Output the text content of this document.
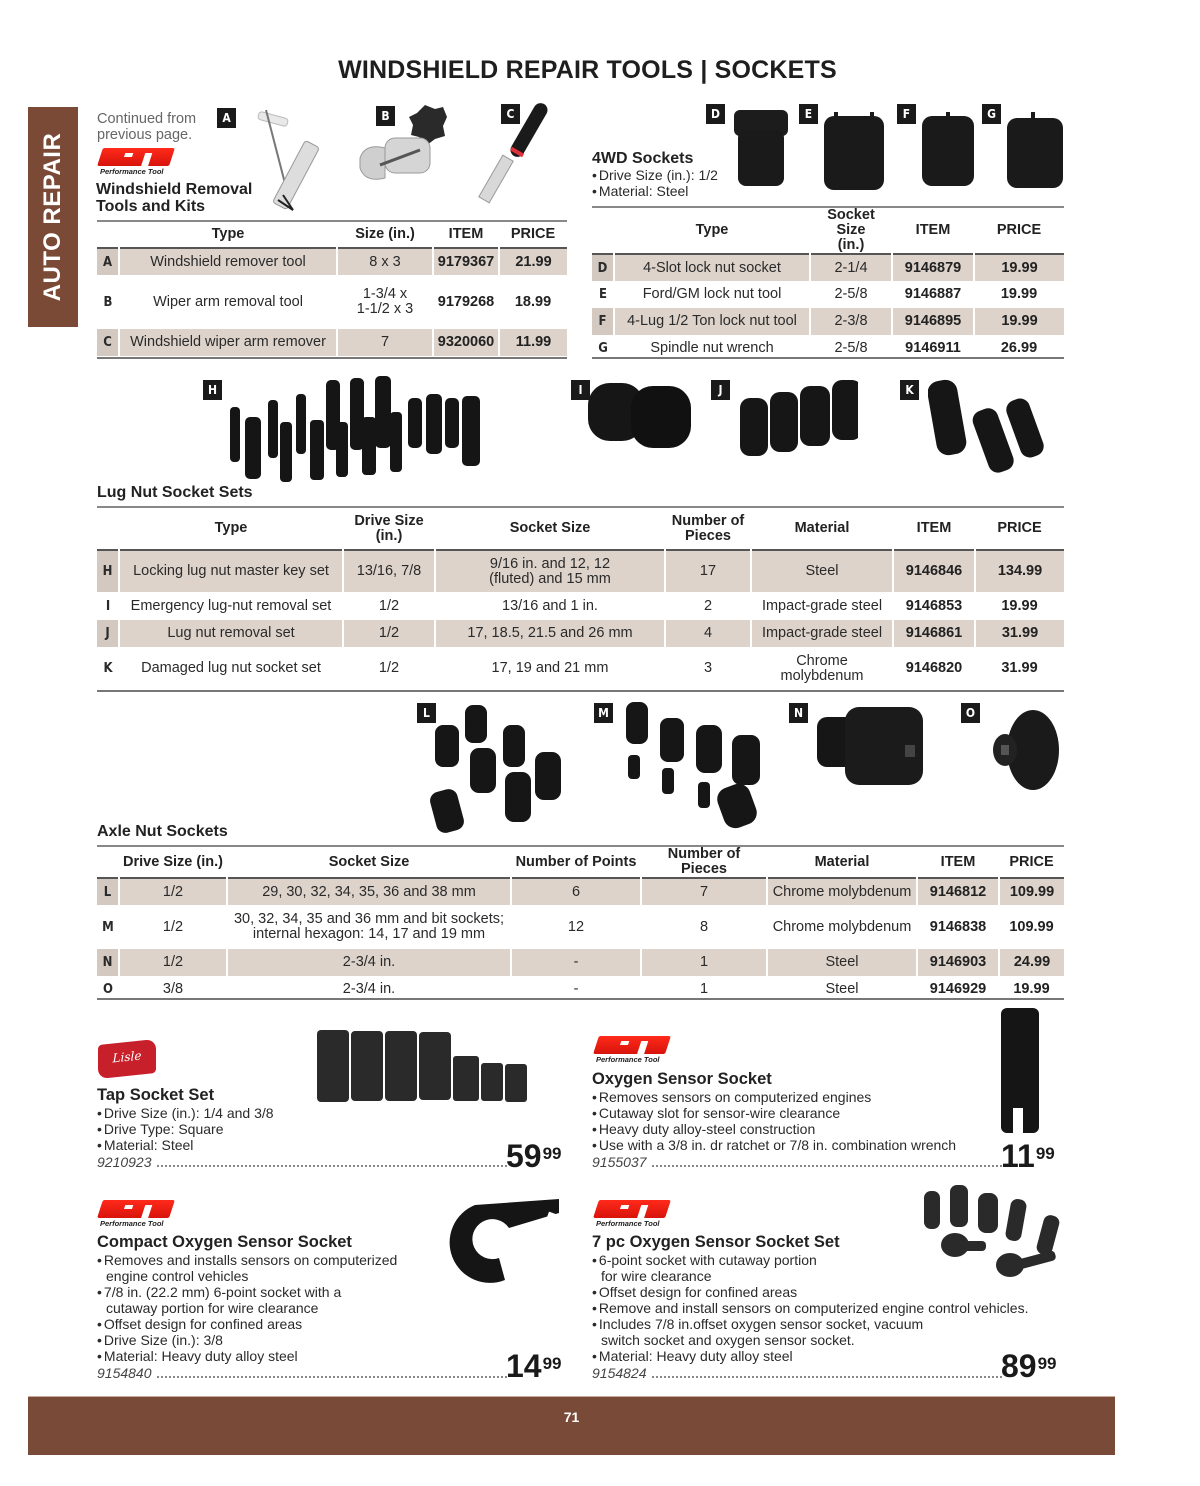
WINDSHIELD REPAIR TOOLS | SOCKETS
AUTO REPAIR
Continued from
previous page.
Performance Tool
Windshield Removal
Tools and Kits
A	B	C
	Type	Size (in.)	ITEM	PRICE
A	Windshield remover tool	8 x 3	9179367	21.99
B	Wiper arm removal tool	1-3/4 x
1-1/2 x 3	9179268	18.99
C	Windshield wiper arm remover	7	9320060	11.99
4WD Sockets
• Drive Size (in.): 1/2
• Material: Steel
D	E	F	G
	Type	Socket Size
(in.)	ITEM	PRICE
D	4-Slot lock nut socket	2-1/4	9146879	19.99
E	Ford/GM lock nut tool	2-5/8	9146887	19.99
F	4-Lug 1/2 Ton lock nut tool	2-3/8	9146895	19.99
G	Spindle nut wrench	2-5/8	9146911	26.99
H	I	J	K
Lug Nut Socket Sets
	Type	Drive Size
(in.)	Socket Size	Number of
Pieces	Material	ITEM	PRICE
H	Locking lug nut master key set	13/16, 7/8	9/16 in. and 12, 12
(fluted) and 15 mm	17	Steel	9146846	134.99
I	Emergency lug-nut removal set	1/2	13/16 and 1 in.	2	Impact-grade steel	9146853	19.99
J	Lug nut removal set	1/2	17, 18.5, 21.5 and 26 mm	4	Impact-grade steel	9146861	31.99
K	Damaged lug nut socket set	1/2	17, 19 and 21 mm	3	Chrome
molybdenum	9146820	31.99
L	M	N	O
Axle Nut Sockets
	Drive Size (in.)	Socket Size	Number of Points	Number of Pieces	Material	ITEM	PRICE
L	1/2	29, 30, 32, 34, 35, 36 and 38 mm	6	7	Chrome molybdenum	9146812	109.99
M	1/2	30, 32, 34, 35 and 36 mm and bit sockets;
internal hexagon: 14, 17 and 19 mm	12	8	Chrome molybdenum	9146838	109.99
N	1/2	2-3/4 in.	-	1	Steel	9146903	24.99
O	3/8	2-3/4 in.	-	1	Steel	9146929	19.99
Lisle
Tap Socket Set
• Drive Size (in.): 1/4 and 3/8
• Drive Type: Square
• Material: Steel
9210923	$59^{99}$
Performance Tool
Oxygen Sensor Socket
• Removes sensors on computerized engines
• Cutaway slot for sensor-wire clearance
• Heavy duty alloy-steel construction
• Use with a 3/8 in. dr ratchet or 7/8 in. combination wrench
9155037	$11^{99}$
Performance Tool
Compact Oxygen Sensor Socket
• Removes and installs sensors on computerized
engine control vehicles
• 7/8 in. (22.2 mm) 6-point socket with a
cutaway portion for wire clearance
• Offset design for confined areas
• Drive Size (in.): 3/8
• Material: Heavy duty alloy steel
9154840	$14^{99}$
Performance Tool
7 pc Oxygen Sensor Socket Set
• 6-point socket with cutaway portion
for wire clearance
• Offset design for confined areas
• Remove and install sensors on computerized engine control vehicles.
• Includes 7/8 in.offset oxygen sensor socket, vacuum
switch socket and oxygen sensor socket.
• Material: Heavy duty alloy steel
9154824	$89^{99}$
71
